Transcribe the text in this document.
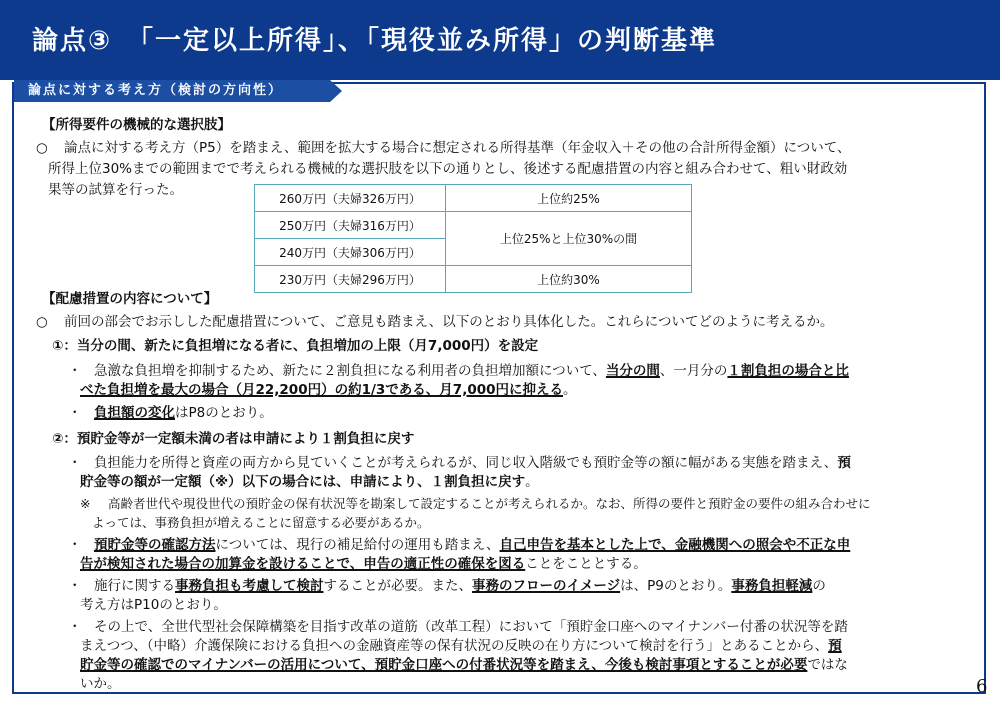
論点③　「一定以上所得」、「現役並み所得」の判断基準
論点に対する考え方（検討の方向性）
【所得要件の機械的な選択肢】
○ 論点に対する考え方（P5）を踏まえ、範囲を拡大する場合に想定される所得基準（年金収入＋その他の合計所得金額）について、
所得上位30%までの範囲までで考えられる機械的な選択肢を以下の通りとし、後述する配慮措置の内容と組み合わせて、粗い財政効
果等の試算を行った。
260万円（夫婦326万円）	上位約25%
250万円（夫婦316万円）	上位25%と上位30%の間
240万円（夫婦306万円）	
230万円（夫婦296万円）	上位約30%
【配慮措置の内容について】
○ 前回の部会でお示しした配慮措置について、ご意見も踏まえ、以下のとおり具体化した。これらについてどのように考えるか。
①：当分の間、新たに負担増になる者に、負担増加の上限（月7,000円）を設定
・ 急激な負担増を抑制するため、新たに２割負担になる利用者の負担増加額について、当分の間、一月分の１割負担の場合と比
べた負担増を最大の場合（月22,200円）の約1/3である、月7,000円に抑える。
・ 負担額の変化はP8のとおり。
②：預貯金等が一定額未満の者は申請により１割負担に戻す
・ 負担能力を所得と資産の両方から見ていくことが考えられるが、同じ収入階級でも預貯金等の額に幅がある実態を踏まえ、預
貯金等の額が一定額（※）以下の場合には、申請により、１割負担に戻す。
※ 高齢者世代や現役世代の預貯金の保有状況等を勘案して設定することが考えられるか。なお、所得の要件と預貯金の要件の組み合わせに
よっては、事務負担が増えることに留意する必要があるか。
・ 預貯金等の確認方法については、現行の補足給付の運用も踏まえ、自己申告を基本とした上で、金融機関への照会や不正な申
告が検知された場合の加算金を設けることで、申告の適正性の確保を図ることをこととする。
・ 施行に関する事務負担も考慮して検討することが必要。また、事務のフローのイメージは、P9のとおり。事務負担軽減の
考え方はP10のとおり。
・ その上で、全世代型社会保障構築を目指す改革の道筋（改革工程）において「預貯金口座へのマイナンバー付番の状況等を踏
まえつつ、（中略）介護保険における負担への金融資産等の保有状況の反映の在り方について検討を行う」とあることから、預
貯金等の確認でのマイナンバーの活用について、預貯金口座への付番状況等を踏まえ、今後も検討事項とすることが必要ではな
いか。	6
